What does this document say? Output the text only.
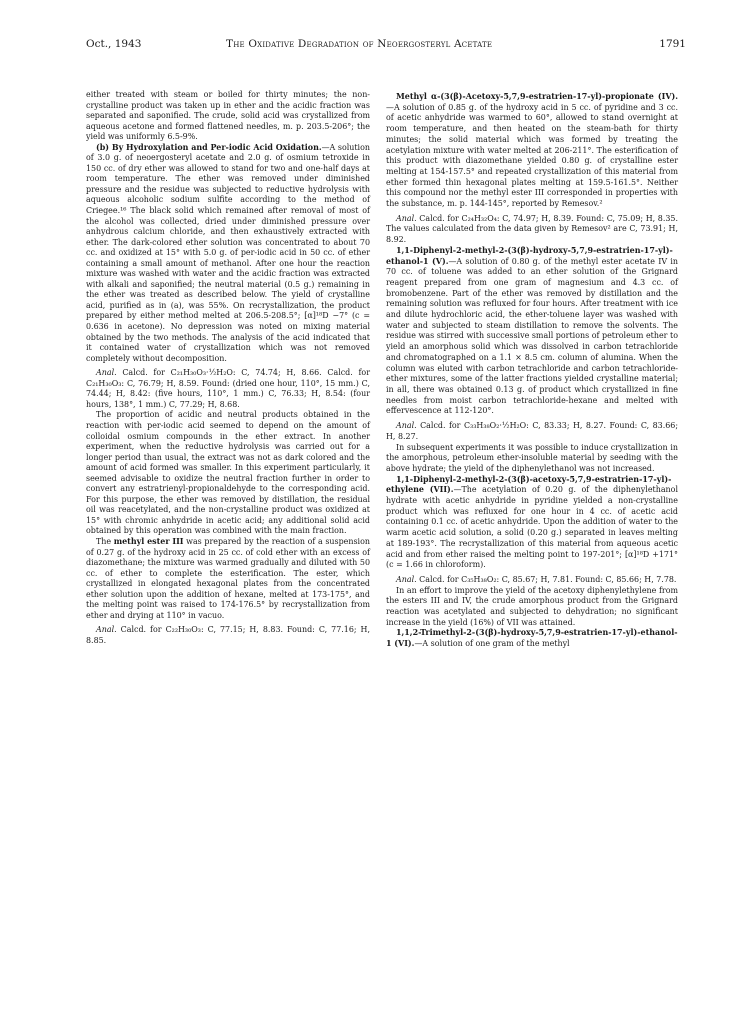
Oct., 1943	The Oxidative Degradation of Neoergosteryl Acetate	1791

either treated with steam or boiled for thirty minutes; the non-crystalline product was taken up in ether and the acidic fraction was separated and saponified. The crude, solid acid was crystallized from aqueous acetone and formed flattened needles, m. p. 203.5-206°; the yield was uniformly 6.5-9%.

(b) By Hydroxylation and Per-iodic Acid Oxidation.—A solution of 3.0 g. of neoergosteryl acetate and 2.0 g. of osmium tetroxide in 150 cc. of dry ether was allowed to stand for two and one-half days at room temperature. The ether was removed under diminished pressure and the residue was subjected to reductive hydrolysis with aqueous alcoholic sodium sulfite according to the method of Criegee.¹⁶ The black solid which remained after removal of most of the alcohol was collected, dried under diminished pressure over anhydrous calcium chloride, and then exhaustively extracted with ether. The dark-colored ether solution was concentrated to about 70 cc. and oxidized at 15° with 5.0 g. of per-iodic acid in 50 cc. of ether containing a small amount of methanol. After one hour the reaction mixture was washed with water and the acidic fraction was extracted with alkali and saponified; the neutral material (0.5 g.) remaining in the ether was treated as described below. The yield of crystalline acid, purified as in (a), was 55%. On recrystallization, the product prepared by either method melted at 206.5-208.5°; [α]¹⁸D −7° (c = 0.636 in acetone). No depression was noted on mixing material obtained by the two methods. The analysis of the acid indicated that it contained water of crystallization which was not removed completely without decomposition.

Anal. Calcd. for C₂₁H₃₀O₃·½H₂O: C, 74.74; H, 8.66. Calcd. for C₂₁H₃₀O₃: C, 76.79; H, 8.59. Found: (dried one hour, 110°, 15 mm.) C, 74.44; H, 8.42: (five hours, 110°, 1 mm.) C, 76.33; H, 8.54: (four hours, 138°, 1 mm.) C, 77.29; H, 8.68.

The proportion of acidic and neutral products obtained in the reaction with per-iodic acid seemed to depend on the amount of colloidal osmium compounds in the ether extract. In another experiment, when the reductive hydrolysis was carried out for a longer period than usual, the extract was not as dark colored and the amount of acid formed was smaller. In this experiment particularly, it seemed advisable to oxidize the neutral fraction further in order to convert any estratrienyl-propionaldehyde to the corresponding acid. For this purpose, the ether was removed by distillation, the residual oil was reacetylated, and the non-crystalline product was oxidized at 15° with chromic anhydride in acetic acid; any additional solid acid obtained by this operation was combined with the main fraction.

The methyl ester III was prepared by the reaction of a suspension of 0.27 g. of the hydroxy acid in 25 cc. of cold ether with an excess of diazomethane; the mixture was warmed gradually and diluted with 50 cc. of ether to complete the esterification. The ester, which crystallized in elongated hexagonal plates from the concentrated ether solution upon the addition of hexane, melted at 173-175°, and the melting point was raised to 174-176.5° by recrystallization from ether and drying at 110° in vacuo.

Anal. Calcd. for C₂₂H₃₀O₃: C, 77.15; H, 8.83. Found: C, 77.16; H, 8.85.

Methyl α-(3(β)-Acetoxy-5,7,9-estratrien-17-yl)-propionate (IV).—A solution of 0.85 g. of the hydroxy acid in 5 cc. of pyridine and 3 cc. of acetic anhydride was warmed to 60°, allowed to stand overnight at room temperature, and then heated on the steam-bath for thirty minutes; the solid material which was formed by treating the acetylation mixture with water melted at 206-211°. The esterification of this product with diazomethane yielded 0.80 g. of crystalline ester melting at 154-157.5° and repeated crystallization of this material from ether formed thin hexagonal plates melting at 159.5-161.5°. Neither this compound nor the methyl ester III corresponded in properties with the substance, m. p. 144-145°, reported by Remesov.²

Anal. Calcd. for C₂₄H₃₂O₄: C, 74.97; H, 8.39. Found: C, 75.09; H, 8.35. The values calculated from the data given by Remesov² are C, 73.91; H, 8.92.

1,1-Diphenyl-2-methyl-2-(3(β)-hydroxy-5,7,9-estratrien-17-yl)-ethanol-1 (V).—A solution of 0.80 g. of the methyl ester acetate IV in 70 cc. of toluene was added to an ether solution of the Grignard reagent prepared from one gram of magnesium and 4.3 cc. of bromobenzene. Part of the ether was removed by distillation and the remaining solution was refluxed for four hours. After treatment with ice and dilute hydrochloric acid, the ether-toluene layer was washed with water and subjected to steam distillation to remove the solvents. The residue was stirred with successive small portions of petroleum ether to yield an amorphous solid which was dissolved in carbon tetrachloride and chromatographed on a 1.1 × 8.5 cm. column of alumina. When the column was eluted with carbon tetrachloride and carbon tetrachloride-ether mixtures, some of the latter fractions yielded crystalline material; in all, there was obtained 0.13 g. of product which crystallized in fine needles from moist carbon tetrachloride-hexane and melted with effervescence at 112-120°.

Anal. Calcd. for C₃₃H₃₈O₂·½H₂O: C, 83.33; H, 8.27. Found: C, 83.66; H, 8.27.

In subsequent experiments it was possible to induce crystallization in the amorphous, petroleum ether-insoluble material by seeding with the above hydrate; the yield of the diphenylethanol was not increased.

1,1-Diphenyl-2-methyl-2-(3(β)-acetoxy-5,7,9-estratrien-17-yl)-ethylene (VII).—The acetylation of 0.20 g. of the diphenylethanol hydrate with acetic anhydride in pyridine yielded a non-crystalline product which was refluxed for one hour in 4 cc. of acetic acid containing 0.1 cc. of acetic anhydride. Upon the addition of water to the warm acetic acid solution, a solid (0.20 g.) separated in leaves melting at 189-193°. The recrystallization of this material from aqueous acetic acid and from ether raised the melting point to 197-201°; [α]¹⁸D +171° (c = 1.66 in chloroform).

Anal. Calcd. for C₃₅H₃₈O₂: C, 85.67; H, 7.81. Found: C, 85.66; H, 7.78.

In an effort to improve the yield of the acetoxy diphenylethylene from the esters III and IV, the crude amorphous product from the Grignard reaction was acetylated and subjected to dehydration; no significant increase in the yield (16%) of VII was attained.

1,1,2-Trimethyl-2-(3(β)-hydroxy-5,7,9-estratrien-17-yl)-ethanol-1 (VI).—A solution of one gram of the methyl
